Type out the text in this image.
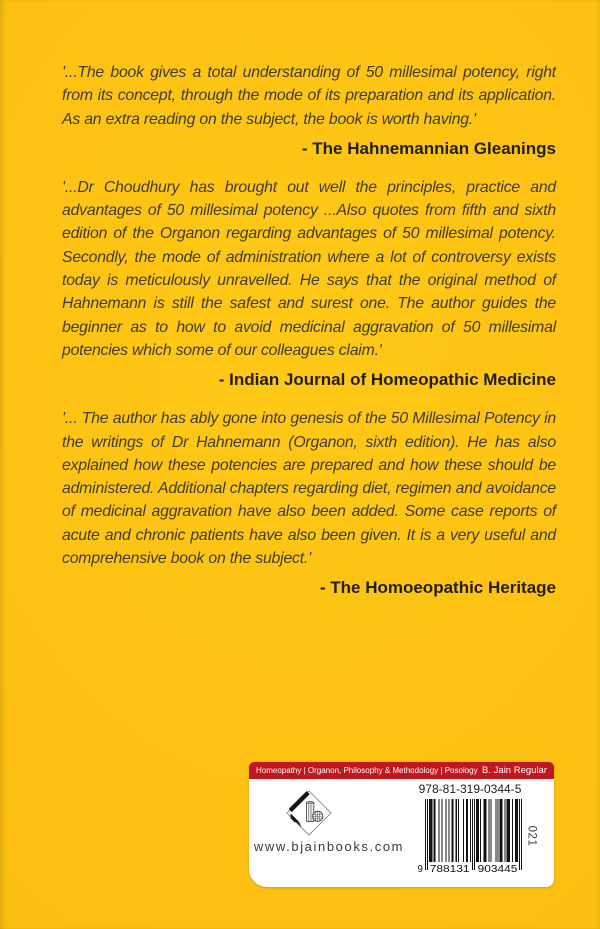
'...The book gives a total understanding of 50 millesimal potency, right from its concept, through the mode of its preparation and its application. As an extra reading on the subject, the book is worth having.'

- The Hahnemannian Gleanings

'...Dr Choudhury has brought out well the principles, practice and advantages of 50 millesimal potency ...Also quotes from fifth and sixth edition of the Organon regarding advantages of 50 millesimal potency. Secondly, the mode of administration where a lot of controversy exists today is meticulously unravelled. He says that the original method of Hahnemann is still the safest and surest one. The author guides the beginner as to how to avoid medicinal aggravation of 50 millesimal potencies which some of our colleagues claim.'

- Indian Journal of Homeopathic Medicine

'... The author has ably gone into genesis of the 50 Millesimal Potency in the writings of Dr Hahnemann (Organon, sixth edition). He has also explained how these potencies are prepared and how these should be administered. Additional chapters regarding diet, regimen and avoidance of medicinal aggravation have also been added. Some case reports of acute and chronic patients have also been given. It is a very useful and comprehensive book on the subject.'

- The Homoeopathic Heritage

Homeopathy | Organon, Philosophy & Methodology | Posology B. Jain Regular
www.bjainbooks.com
978-81-319-0344-5
9 788131 903445
021
